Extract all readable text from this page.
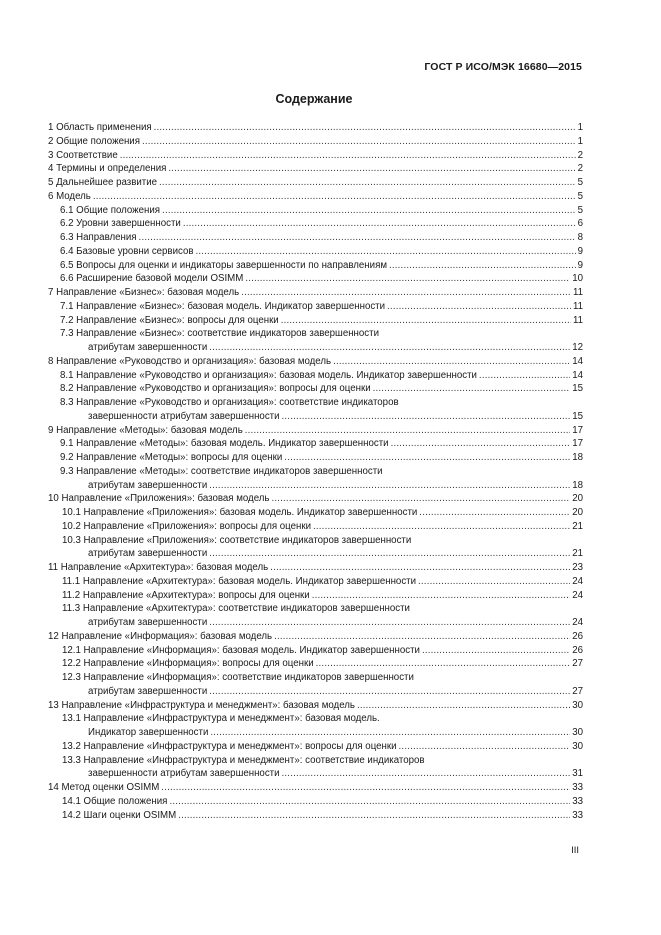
ГОСТ Р ИСО/МЭК 16680—2015
Содержание
1 Область применения .....	1
2 Общие положения .....	1
3 Соответствие .....	2
4 Термины и определения .....	2
5 Дальнейшее развитие .....	5
6 Модель .....	5
6.1 Общие положения .....	5
6.2 Уровни завершенности .....	6
6.3 Направления .....	8
6.4 Базовые уровни сервисов .....	9
6.5 Вопросы для оценки и индикаторы завершенности по направлениям .....	9
6.6 Расширение базовой модели OSIMM .....	10
7 Направление «Бизнес»: базовая модель .....	11
7.1 Направление «Бизнес»: базовая модель. Индикатор завершенности .....	11
7.2 Направление «Бизнес»: вопросы для оценки .....	11
7.3 Направление «Бизнес»: соответствие индикаторов завершенности
атрибутам завершенности .....	12
8 Направление «Руководство и организация»: базовая модель .....	14
8.1 Направление «Руководство и организация»: базовая модель. Индикатор завершенности .....	14
8.2 Направление «Руководство и организация»: вопросы для оценки .....	15
8.3 Направление «Руководство и организация»: соответствие индикаторов
завершенности атрибутам завершенности .....	15
9 Направление «Методы»: базовая модель .....	17
9.1 Направление «Методы»: базовая модель. Индикатор завершенности .....	17
9.2 Направление «Методы»: вопросы для оценки .....	18
9.3 Направление «Методы»: соответствие индикаторов завершенности
атрибутам завершенности .....	18
10 Направление «Приложения»: базовая модель .....	20
10.1 Направление «Приложения»: базовая модель. Индикатор завершенности .....	20
10.2 Направление «Приложения»: вопросы для оценки .....	21
10.3 Направление «Приложения»: соответствие индикаторов завершенности
атрибутам завершенности .....	21
11 Направление «Архитектура»: базовая модель .....	23
11.1 Направление «Архитектура»: базовая модель. Индикатор завершенности .....	24
11.2 Направление «Архитектура»: вопросы для оценки .....	24
11.3 Направление «Архитектура»: соответствие индикаторов завершенности
атрибутам завершенности .....	24
12 Направление «Информация»: базовая модель .....	26
12.1 Направление «Информация»: базовая модель. Индикатор завершенности .....	26
12.2 Направление «Информация»: вопросы для оценки .....	27
12.3 Направление «Информация»: соответствие индикаторов завершенности
атрибутам завершенности .....	27
13 Направление «Инфраструктура и менеджмент»: базовая модель .....	30
13.1 Направление «Инфраструктура и менеджмент»: базовая модель.
Индикатор завершенности .....	30
13.2 Направление «Инфраструктура и менеджмент»: вопросы для оценки .....	30
13.3 Направление «Инфраструктура и менеджмент»: соответствие индикаторов
завершенности атрибутам завершенности .....	31
14 Метод оценки OSIMM .....	33
14.1 Общие положения .....	33
14.2 Шаги оценки OSIMM .....	33
III
